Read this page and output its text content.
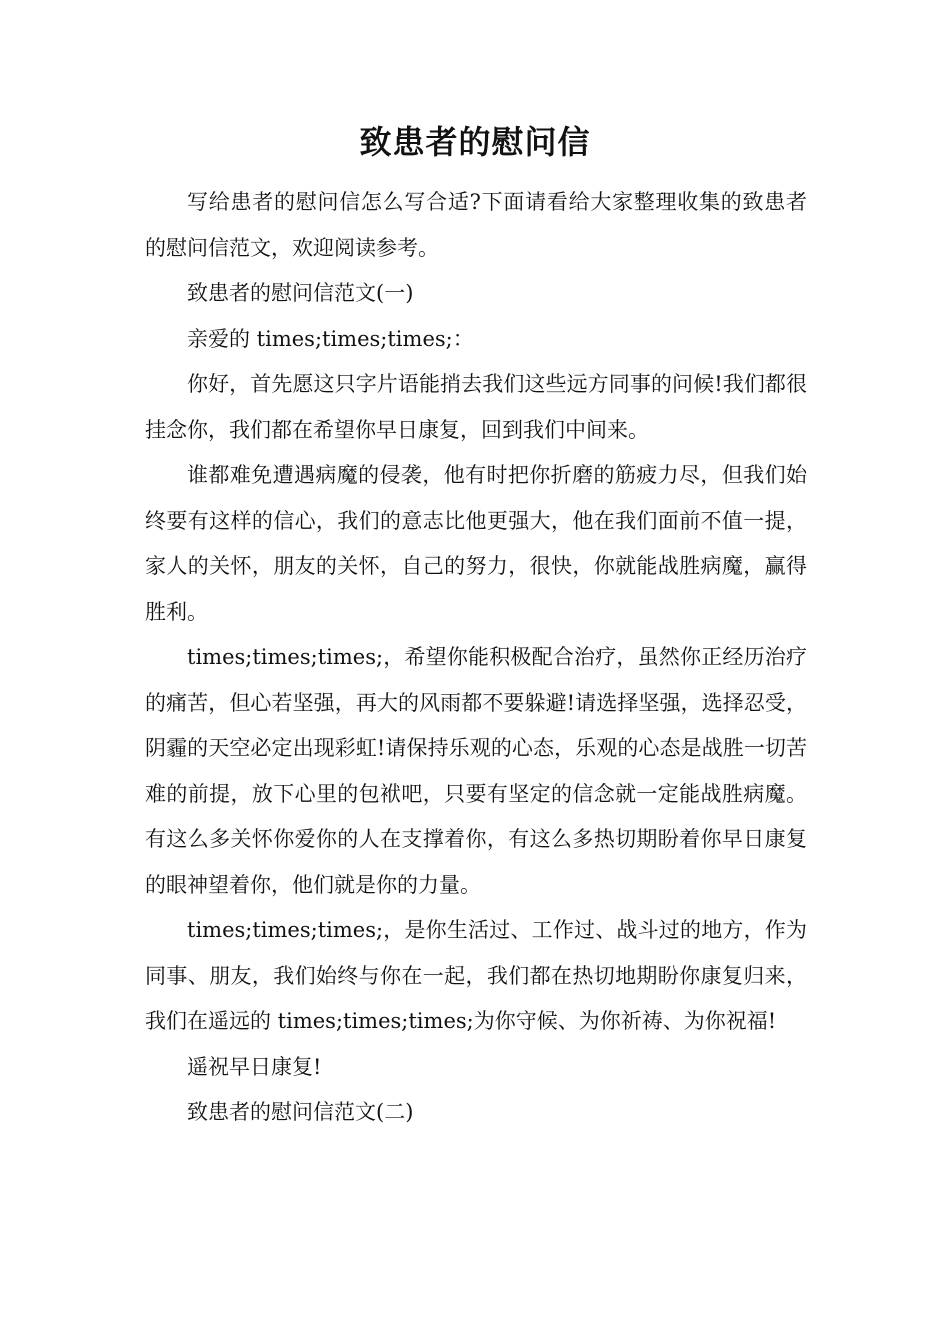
致患者的慰问信

写给患者的慰问信怎么写合适?下面请看给大家整理收集的致患者的慰问信范文，欢迎阅读参考。

致患者的慰问信范文(一)

亲爱的 times;times;times;：

你好，首先愿这只字片语能捎去我们这些远方同事的问候!我们都很挂念你，我们都在希望你早日康复，回到我们中间来。

谁都难免遭遇病魔的侵袭，他有时把你折磨的筋疲力尽，但我们始终要有这样的信心，我们的意志比他更强大，他在我们面前不值一提，家人的关怀，朋友的关怀，自己的努力，很快，你就能战胜病魔，赢得胜利。

times;times;times;，希望你能积极配合治疗，虽然你正经历治疗的痛苦，但心若坚强，再大的风雨都不要躲避!请选择坚强，选择忍受，阴霾的天空必定出现彩虹!请保持乐观的心态，乐观的心态是战胜一切苦难的前提，放下心里的包袱吧，只要有坚定的信念就一定能战胜病魔。有这么多关怀你爱你的人在支撑着你，有这么多热切期盼着你早日康复的眼神望着你，他们就是你的力量。

times;times;times;，是你生活过、工作过、战斗过的地方，作为同事、朋友，我们始终与你在一起，我们都在热切地期盼你康复归来，我们在遥远的 times;times;times;为你守候、为你祈祷、为你祝福!

遥祝早日康复!

致患者的慰问信范文(二)
